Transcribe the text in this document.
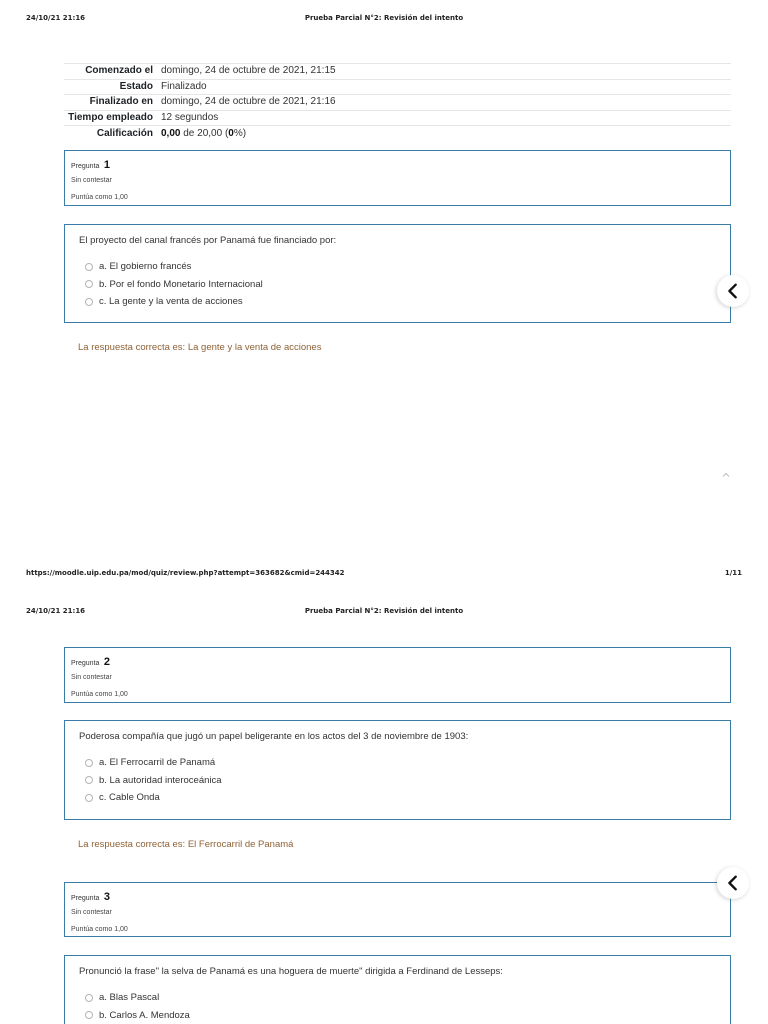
24/10/21 21:16	Prueba Parcial N°2: Revisión del intento
Comenzado el	domingo, 24 de octubre de 2021, 21:15
Estado	Finalizado
Finalizado en	domingo, 24 de octubre de 2021, 21:16
Tiempo empleado	12 segundos
Calificación	0,00 de 20,00 (0%)
Pregunta 1
Sin contestar
Puntúa como 1,00
El proyecto del canal francés por Panamá fue financiado por:
a. El gobierno francés
b. Por el fondo Monetario Internacional
c. La gente y la venta de acciones
La respuesta correcta es: La gente y la venta de acciones
https://moodle.uip.edu.pa/mod/quiz/review.php?attempt=363682&cmid=244342	1/11
24/10/21 21:16	Prueba Parcial N°2: Revisión del intento
Pregunta 2
Sin contestar
Puntúa como 1,00
Poderosa compañía que jugó un papel beligerante en los actos del 3 de noviembre de 1903:
a. El Ferrocarril de Panamá
b. La autoridad interoceánica
c. Cable Onda
La respuesta correcta es: El Ferrocarril de Panamá
Pregunta 3
Sin contestar
Puntúa como 1,00
Pronunció la frase" la selva de Panamá es una hoguera de muerte" dirigida a Ferdinand de Lesseps:
a. Blas Pascal
b. Carlos A. Mendoza
